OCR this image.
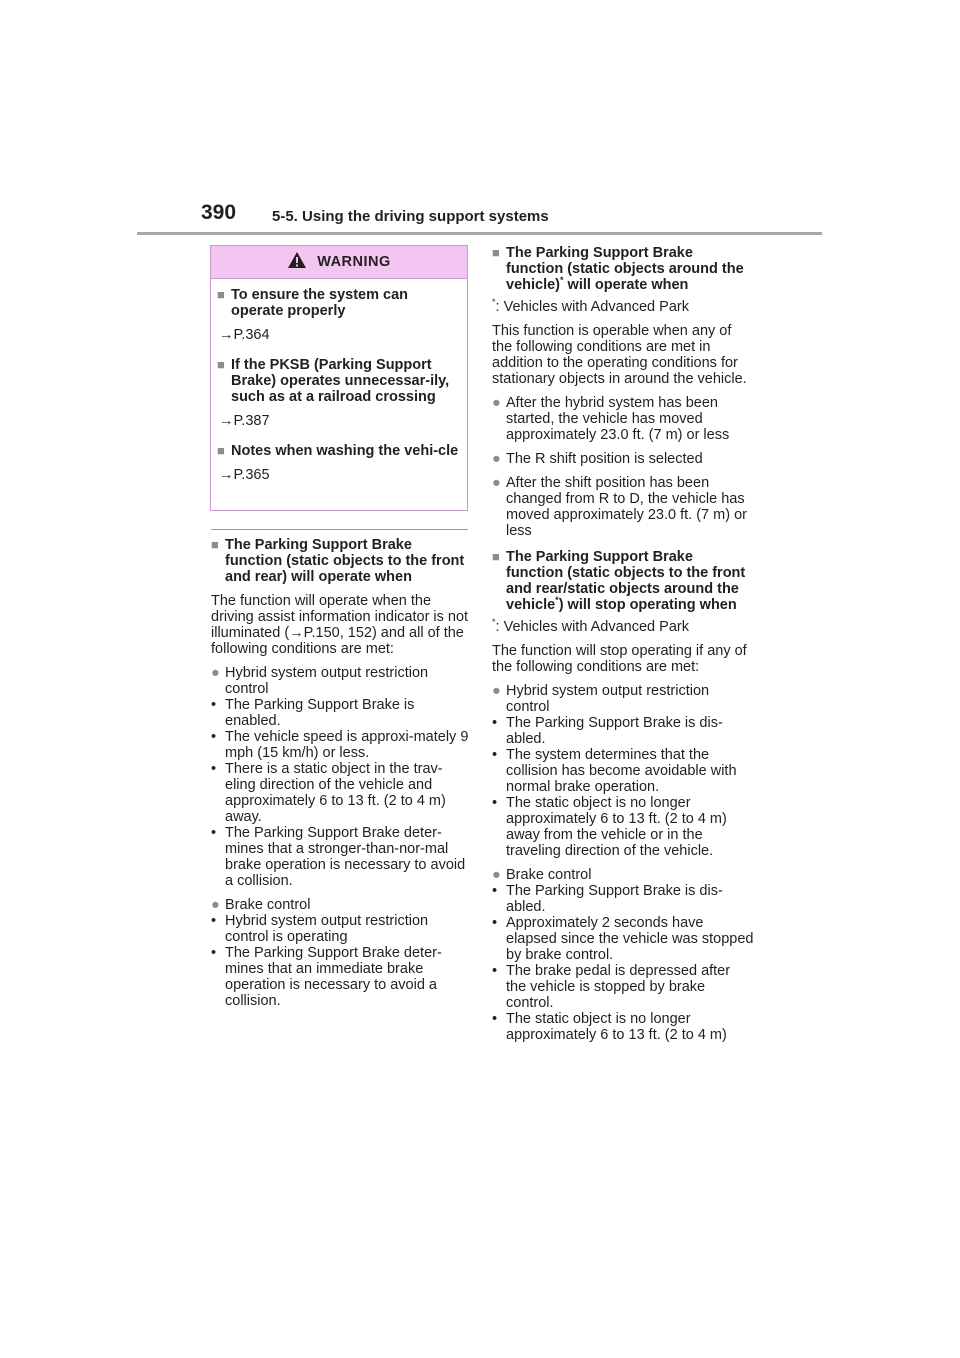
390 5-5. Using the driving support systems
WARNING
■ To ensure the system can operate properly
→P.364
■ If the PKSB (Parking Support Brake) operates unnecessar-ily, such as at a railroad crossing
→P.387
■ Notes when washing the vehi-cle
→P.365
■ The Parking Support Brake function (static objects to the front and rear) will operate when
The function will operate when the driving assist information indicator is not illuminated (→P.150, 152) and all of the following conditions are met:
● Hybrid system output restriction control
• The Parking Support Brake is enabled.
• The vehicle speed is approxi-mately 9 mph (15 km/h) or less.
• There is a static object in the trav-eling direction of the vehicle and approximately 6 to 13 ft. (2 to 4 m) away.
• The Parking Support Brake deter-mines that a stronger-than-nor-mal brake operation is necessary to avoid a collision.
● Brake control
• Hybrid system output restriction control is operating
• The Parking Support Brake deter-mines that an immediate brake operation is necessary to avoid a collision.
■ The Parking Support Brake function (static objects around the vehicle)* will operate when
*: Vehicles with Advanced Park
This function is operable when any of the following conditions are met in addition to the operating conditions for stationary objects in around the vehicle.
● After the hybrid system has been started, the vehicle has moved approximately 23.0 ft. (7 m) or less
● The R shift position is selected
● After the shift position has been changed from R to D, the vehicle has moved approximately 23.0 ft. (7 m) or less
■ The Parking Support Brake function (static objects to the front and rear/static objects around the vehicle*) will stop operating when
*: Vehicles with Advanced Park
The function will stop operating if any of the following conditions are met:
● Hybrid system output restriction control
• The Parking Support Brake is dis-abled.
• The system determines that the collision has become avoidable with normal brake operation.
• The static object is no longer approximately 6 to 13 ft. (2 to 4 m) away from the vehicle or in the traveling direction of the vehicle.
● Brake control
• The Parking Support Brake is dis-abled.
• Approximately 2 seconds have elapsed since the vehicle was stopped by brake control.
• The brake pedal is depressed after the vehicle is stopped by brake control.
• The static object is no longer approximately 6 to 13 ft. (2 to 4 m)
